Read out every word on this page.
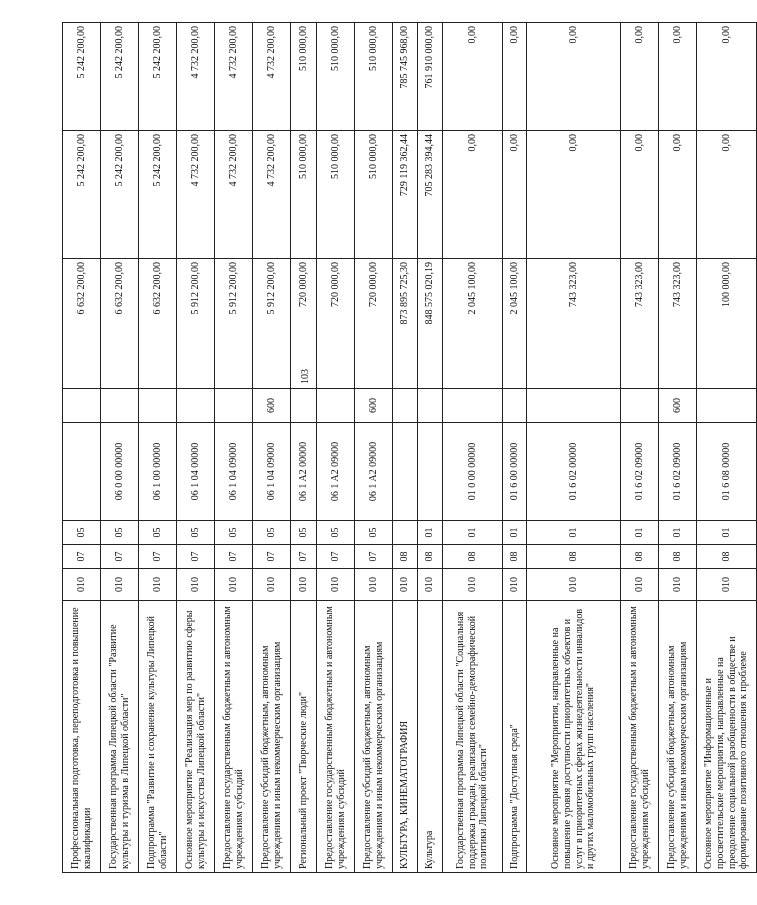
103
Профессиональная подготовка, переподготовка и повышение квалификации	010	07	05			6 632 200,00	5 242 200,00	5 242 200,00
Государственная программа Липецкой области "Развитие культуры и туризма в Липецкой области"	010	07	05	06 0 00 00000		6 632 200,00	5 242 200,00	5 242 200,00
Подпрограмма "Развитие и сохранение культуры Липецкой области"	010	07	05	06 1 00 00000		6 632 200,00	5 242 200,00	5 242 200,00
Основное мероприятие "Реализация мер по развитию сферы культуры и искусства Липецкой области"	010	07	05	06 1 04 00000		5 912 200,00	4 732 200,00	4 732 200,00
Предоставление государственным бюджетным и автономным учреждениям субсидий	010	07	05	06 1 04 09000		5 912 200,00	4 732 200,00	4 732 200,00
Предоставление субсидий бюджетным, автономным учреждениям и иным некоммерческим организациям	010	07	05	06 1 04 09000	600	5 912 200,00	4 732 200,00	4 732 200,00
Региональный проект "Творческие люди"	010	07	05	06 1 A2 00000		720 000,00	510 000,00	510 000,00
Предоставление государственным бюджетным и автономным учреждениям субсидий	010	07	05	06 1 A2 09000		720 000,00	510 000,00	510 000,00
Предоставление субсидий бюджетным, автономным учреждениям и иным некоммерческим организациям	010	07	05	06 1 A2 09000	600	720 000,00	510 000,00	510 000,00
КУЛЬТУРА, КИНЕМАТОГРАФИЯ	010	08				873 895 725,30	729 119 362,44	785 745 968,00
Культура	010	08	01			848 575 020,19	705 283 394,44	761 910 000,00
Государственная программа Липецкой области "Социальная поддержка граждан, реализация семейно-демографической политики Липецкой области"	010	08	01	01 0 00 00000		2 045 100,00	0,00	0,00
Подпрограмма "Доступная среда"	010	08	01	01 6 00 00000		2 045 100,00	0,00	0,00
Основное мероприятие "Мероприятия, направленные на повышение уровня доступности приоритетных объектов и услуг в приоритетных сферах жизнедеятельности инвалидов и других маломобильных групп населения"	010	08	01	01 6 02 00000		743 323,00	0,00	0,00
Предоставление государственным бюджетным и автономным учреждениям субсидий	010	08	01	01 6 02 09000		743 323,00	0,00	0,00
Предоставление субсидий бюджетным, автономным учреждениям и иным некоммерческим организациям	010	08	01	01 6 02 09000	600	743 323,00	0,00	0,00
Основное мероприятие "Информационные и просветительские мероприятия, направленные на преодоление социальной разобщенности в обществе и формирование позитивного отношения к проблеме	010	08	01	01 6 08 00000		100 000,00	0,00	0,00
